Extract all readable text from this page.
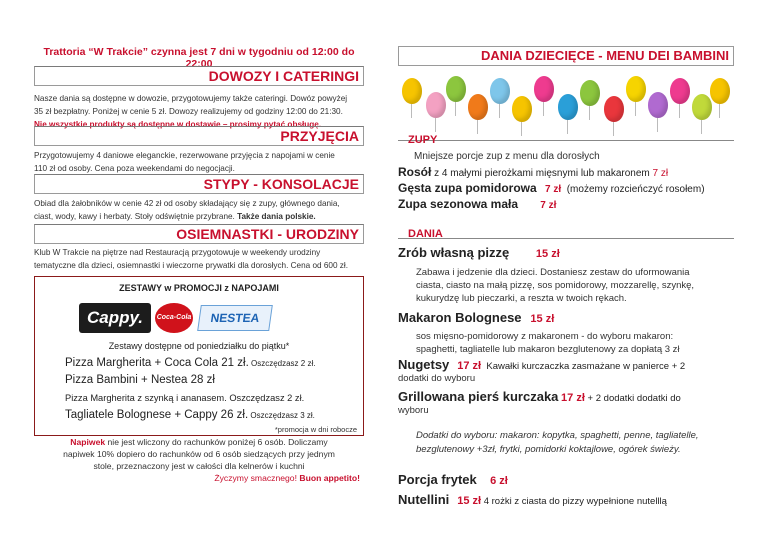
Trattoria “W Trakcie” czynna jest 7 dni w tygodniu od 12:00 do 22:00
DOWOZY I CATERINGI
Nasze dania są dostępne w dowozie, przygotowujemy także cateringi. Dowóz powyżej
35 zł bezpłatny. Poniżej w cenie 5 zł. Dowozy realizujemy od godziny 12:00 do 21:30.
Nie wszystkie produkty są dostępne w dostawie – prosimy pytać obsługę.
PRZYJĘCIA
Przygotowujemy 4 daniowe eleganckie, rezerwowane przyjęcia z napojami w cenie
110 zł od osoby. Cena poza weekendami do negocjacji.
STYPY - KONSOLACJE
Obiad dla żałobników w cenie 42 zł od osoby składający się z zupy, głównego dania,
ciast, wody, kawy i herbaty. Stoły odświętnie przybrane. Także dania polskie.
OSIEMNASTKI - URODZINY
Klub W Trakcie na piętrze nad Restauracją przygotowuje w weekendy urodziny
tematyczne dla dzieci, osiemnastki i wieczorne prywatki dla dorosłych. Cena od 600 zł.
ZESTAWY w PROMOCJI z NAPOJAMI
Cappy.	Coca-Cola	NESTEA
Zestawy dostępne od poniedziałku do piątku*
Pizza Margherita + Coca Cola 21 zł. Oszczędzasz 2 zł.
Pizza Bambini + Nestea 28 zł
Pizza Margherita z szynką i ananasem. Oszczędzasz 2 zł.
Tagliatele Bolognese + Cappy 26 zł. Oszczędzasz 3 zł.
*promocja w dni robocze
Napiwek nie jest wliczony do rachunków poniżej 6 osób. Doliczamy
napiwek 10% dopiero do rachunków od 6 osób siedzących przy jednym
stole, przeznaczony jest w całości dla kelnerów i kuchni
Życzymy smacznego! Buon appetito!
DANIA DZIECIĘCE - MENU DEI BAMBINI
ZUPY
Mniejsze porcje zup z menu dla dorosłych
Rosół z 4 małymi pierożkami mięsnymi lub makaronem 7 zł
Gęsta zupa pomidorowa 7 zł (możemy rozcieńczyć rosołem)
Zupa sezonowa mała 7 zł
DANIA
Zrób własną pizzę 15 zł
Zabawa i jedzenie dla dzieci. Dostaniesz zestaw do uformowania
ciasta, ciasto na małą pizzę, sos pomidorowy, mozzarellę, szynkę,
kukurydzę lub pieczarki, a reszta w twoich rękach.
Makaron Bolognese 15 zł
sos mięsno-pomidorowy z makaronem - do wyboru makaron:
spaghetti, tagliatelle lub makaron bezglutenowy za dopłatą 3 zł
Nugetsy 17 zł Kawałki kurczaczka zasmażane w panierce + 2
dodatki do wyboru
Grillowana pierś kurczaka 17 zł + 2 dodatki dodatki do
wyboru
Dodatki do wyboru: makaron: kopytka, spaghetti, penne, tagliatelle,
bezglutenowy +3zł, frytki, pomidorki koktajlowe, ogórek świeży.
Porcja frytek 6 zł
Nutellini 15 zł 4 rożki z ciasta do pizzy wypełnione nutelllą
